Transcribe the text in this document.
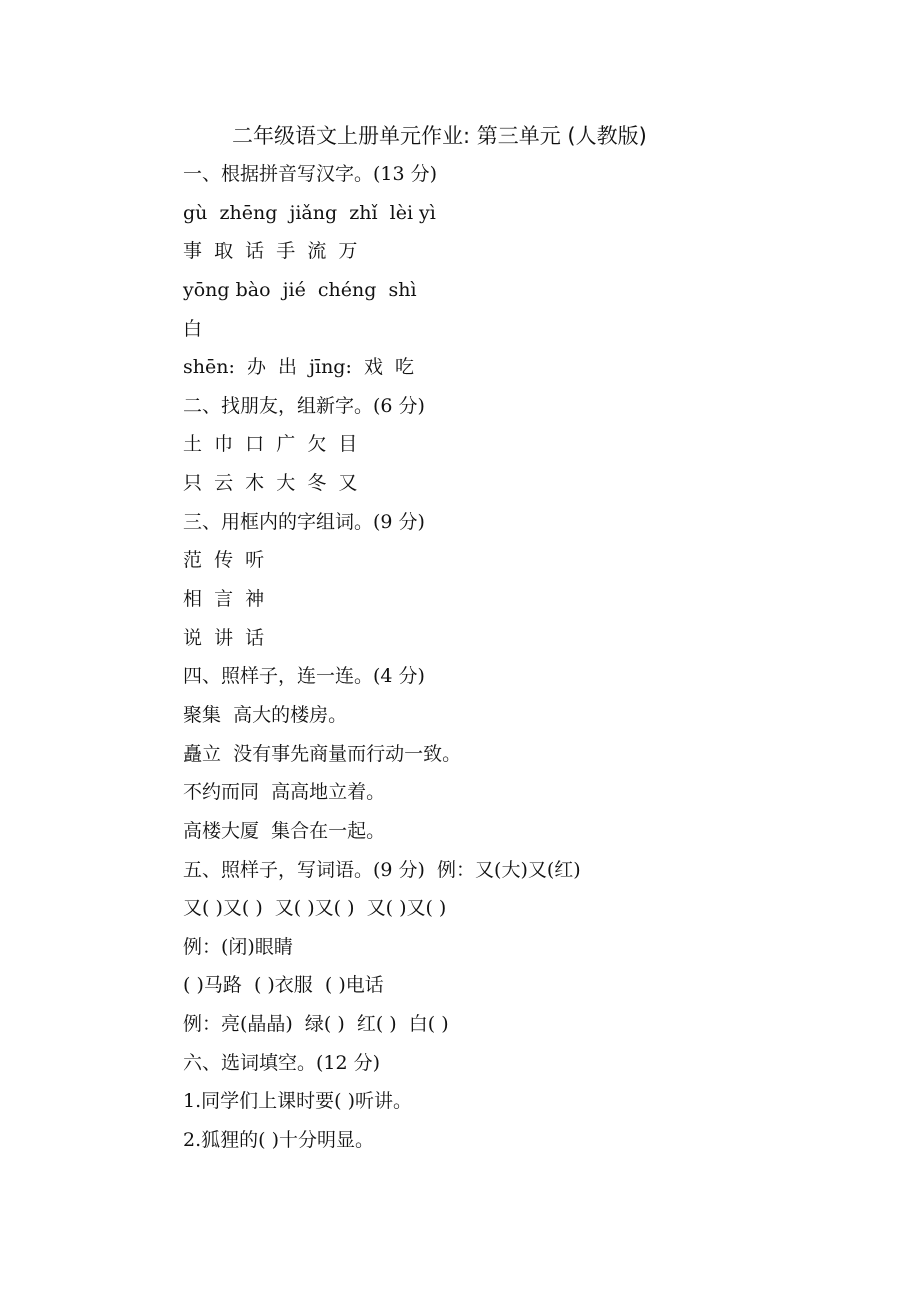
二年级语文上册单元作业: 第三单元 (人教版)
一、根据拼音写汉字。(13 分)
gù  zhēng  jiǎng  zhǐ  lèi yì
事  取  话  手  流  万
yōng bào  jié  chéng  shì
白
shēn:  办  出  jīng:  戏  吃
二、找朋友，组新字。(6 分)
土  巾  口  广  欠  目
只  云  木  大  冬  又
三、用框内的字组词。(9 分)
范  传  听
相  言  神
说  讲  话
四、照样子，连一连。(4 分)
聚集  高大的楼房。
矗立  没有事先商量而行动一致。
不约而同  高高地立着。
高楼大厦  集合在一起。
五、照样子，写词语。(9 分)  例：又(大)又(红)
又( )又( )  又( )又( )  又( )又( )
例：(闭)眼睛
( )马路  ( )衣服  ( )电话
例：亮(晶晶)  绿( )  红( )  白( )
六、选词填空。(12 分)
1.同学们上课时要( )听讲。
2.狐狸的( )十分明显。
